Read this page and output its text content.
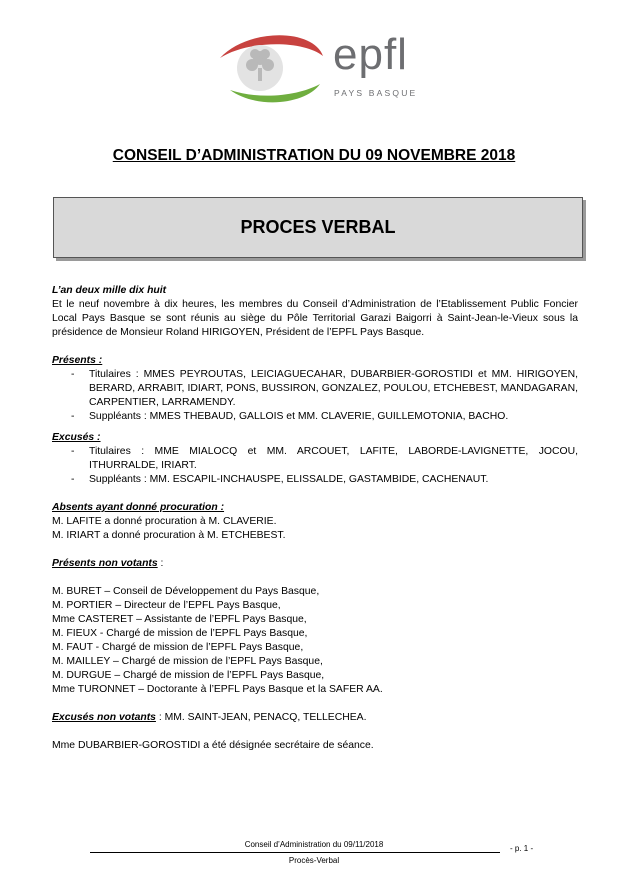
epfl
PAYS BASQUE
CONSEIL D’ADMINISTRATION DU 09 NOVEMBRE 2018
PROCES VERBAL

L’an deux mille dix huit

Et le neuf novembre à dix heures, les membres du Conseil d’Administration de l’Etablissement Public Foncier Local Pays Basque se sont réunis au siège du Pôle Territorial Garazi Baigorri à Saint-Jean-le-Vieux sous la présidence de Monsieur Roland HIRIGOYEN, Président de l’EPFL Pays Basque.

Présents :

- Titulaires : MMES PEYROUTAS, LEICIAGUECAHAR, DUBARBIER-GOROSTIDI et MM. HIRIGOYEN, BERARD, ARRABIT, IDIART, PONS, BUSSIRON, GONZALEZ, POULOU, ETCHEBEST, MANDAGARAN, CARPENTIER, LARRAMENDY.
- Suppléants : MMES THEBAUD, GALLOIS et MM. CLAVERIE, GUILLEMOTONIA, BACHO.

Excusés :

- Titulaires : MME MIALOCQ et MM. ARCOUET, LAFITE, LABORDE-LAVIGNETTE, JOCOU, ITHURRALDE, IRIART.
- Suppléants : MM. ESCAPIL-INCHAUSPE, ELISSALDE, GASTAMBIDE, CACHENAUT.

Absents ayant donné procuration :

M. LAFITE a donné procuration à M. CLAVERIE.

M. IRIART a donné procuration à M. ETCHEBEST.

Présents non votants :

M. BURET – Conseil de Développement du Pays Basque,

M. PORTIER – Directeur de l’EPFL Pays Basque,

Mme CASTERET – Assistante de l’EPFL Pays Basque,

M. FIEUX - Chargé de mission de l’EPFL Pays Basque,

M. FAUT - Chargé de mission de l’EPFL Pays Basque,

M. MAILLEY – Chargé de mission de l’EPFL Pays Basque,

M. DURGUE – Chargé de mission de l’EPFL Pays Basque,

Mme TURONNET – Doctorante à l’EPFL Pays Basque et la SAFER AA.

Excusés non votants : MM. SAINT-JEAN, PENACQ, TELLECHEA.

Mme DUBARBIER-GOROSTIDI a été désignée secrétaire de séance.

Conseil d’Administration du 09/11/2018	- p. 1 -
Procès-Verbal
